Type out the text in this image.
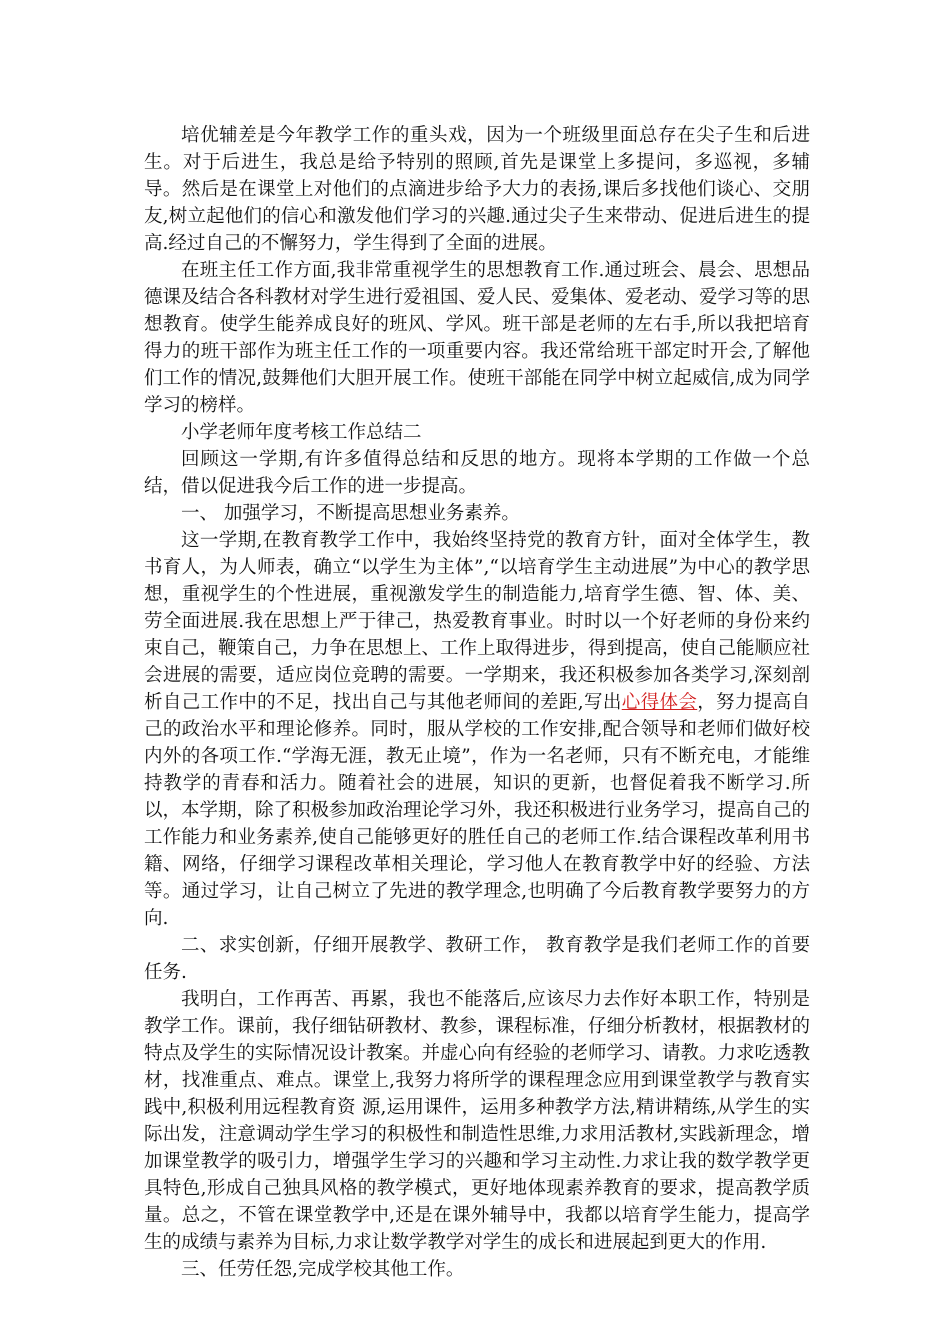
培优辅差是今年教学工作的重头戏，因为一个班级里面总存在尖子生和后进生。对于后进生，我总是给予特别的照顾,首先是课堂上多提问，多巡视，多辅导。然后是在课堂上对他们的点滴进步给予大力的表扬,课后多找他们谈心、交朋友,树立起他们的信心和激发他们学习的兴趣.通过尖子生来带动、促进后进生的提高.经过自己的不懈努力，学生得到了全面的进展。

在班主任工作方面,我非常重视学生的思想教育工作.通过班会、晨会、思想品德课及结合各科教材对学生进行爱祖国、爱人民、爱集体、爱老动、爱学习等的思想教育。使学生能养成良好的班风、学风。班干部是老师的左右手,所以我把培育得力的班干部作为班主任工作的一项重要内容。我还常给班干部定时开会,了解他们工作的情况,鼓舞他们大胆开展工作。使班干部能在同学中树立起威信,成为同学学习的榜样。

小学老师年度考核工作总结二

回顾这一学期,有许多值得总结和反思的地方。现将本学期的工作做一个总结，借以促进我今后工作的进一步提高。

一、 加强学习，不断提高思想业务素养。

这一学期,在教育教学工作中，我始终坚持党的教育方针，面对全体学生，教书育人，为人师表，确立“以学生为主体”,“以培育学生主动进展”为中心的教学思想，重视学生的个性进展，重视激发学生的制造能力,培育学生德、智、体、美、劳全面进展.我在思想上严于律己，热爱教育事业。时时以一个好老师的身份来约束自己，鞭策自己，力争在思想上、工作上取得进步，得到提高，使自己能顺应社会进展的需要，适应岗位竞聘的需要。一学期来，我还积极参加各类学习,深刻剖析自己工作中的不足，找出自己与其他老师间的差距,写出心得体会，努力提高自己的政治水平和理论修养。同时，服从学校的工作安排,配合领导和老师们做好校内外的各项工作.“学海无涯，教无止境”，作为一名老师，只有不断充电，才能维持教学的青春和活力。随着社会的进展，知识的更新，也督促着我不断学习.所以，本学期，除了积极参加政治理论学习外，我还积极进行业务学习，提高自己的工作能力和业务素养,使自己能够更好的胜任自己的老师工作.结合课程改革利用书籍、网络，仔细学习课程改革相关理论，学习他人在教育教学中好的经验、方法等。通过学习，让自己树立了先进的教学理念,也明确了今后教育教学要努力的方向.

二、求实创新，仔细开展教学、教研工作， 教育教学是我们老师工作的首要任务.

我明白，工作再苦、再累，我也不能落后,应该尽力去作好本职工作，特别是教学工作。课前，我仔细钻研教材、教参，课程标准，仔细分析教材，根据教材的特点及学生的实际情况设计教案。并虚心向有经验的老师学习、请教。力求吃透教材，找准重点、难点。课堂上,我努力将所学的课程理念应用到课堂教学与教育实践中,积极利用远程教育资 源,运用课件，运用多种教学方法,精讲精练,从学生的实际出发，注意调动学生学习的积极性和制造性思维,力求用活教材,实践新理念，增加课堂教学的吸引力，增强学生学习的兴趣和学习主动性.力求让我的数学教学更具特色,形成自己独具风格的教学模式，更好地体现素养教育的要求，提高教学质量。总之，不管在课堂教学中,还是在课外辅导中，我都以培育学生能力，提高学生的成绩与素养为目标,力求让数学教学对学生的成长和进展起到更大的作用.

三、任劳任怨,完成学校其他工作。
